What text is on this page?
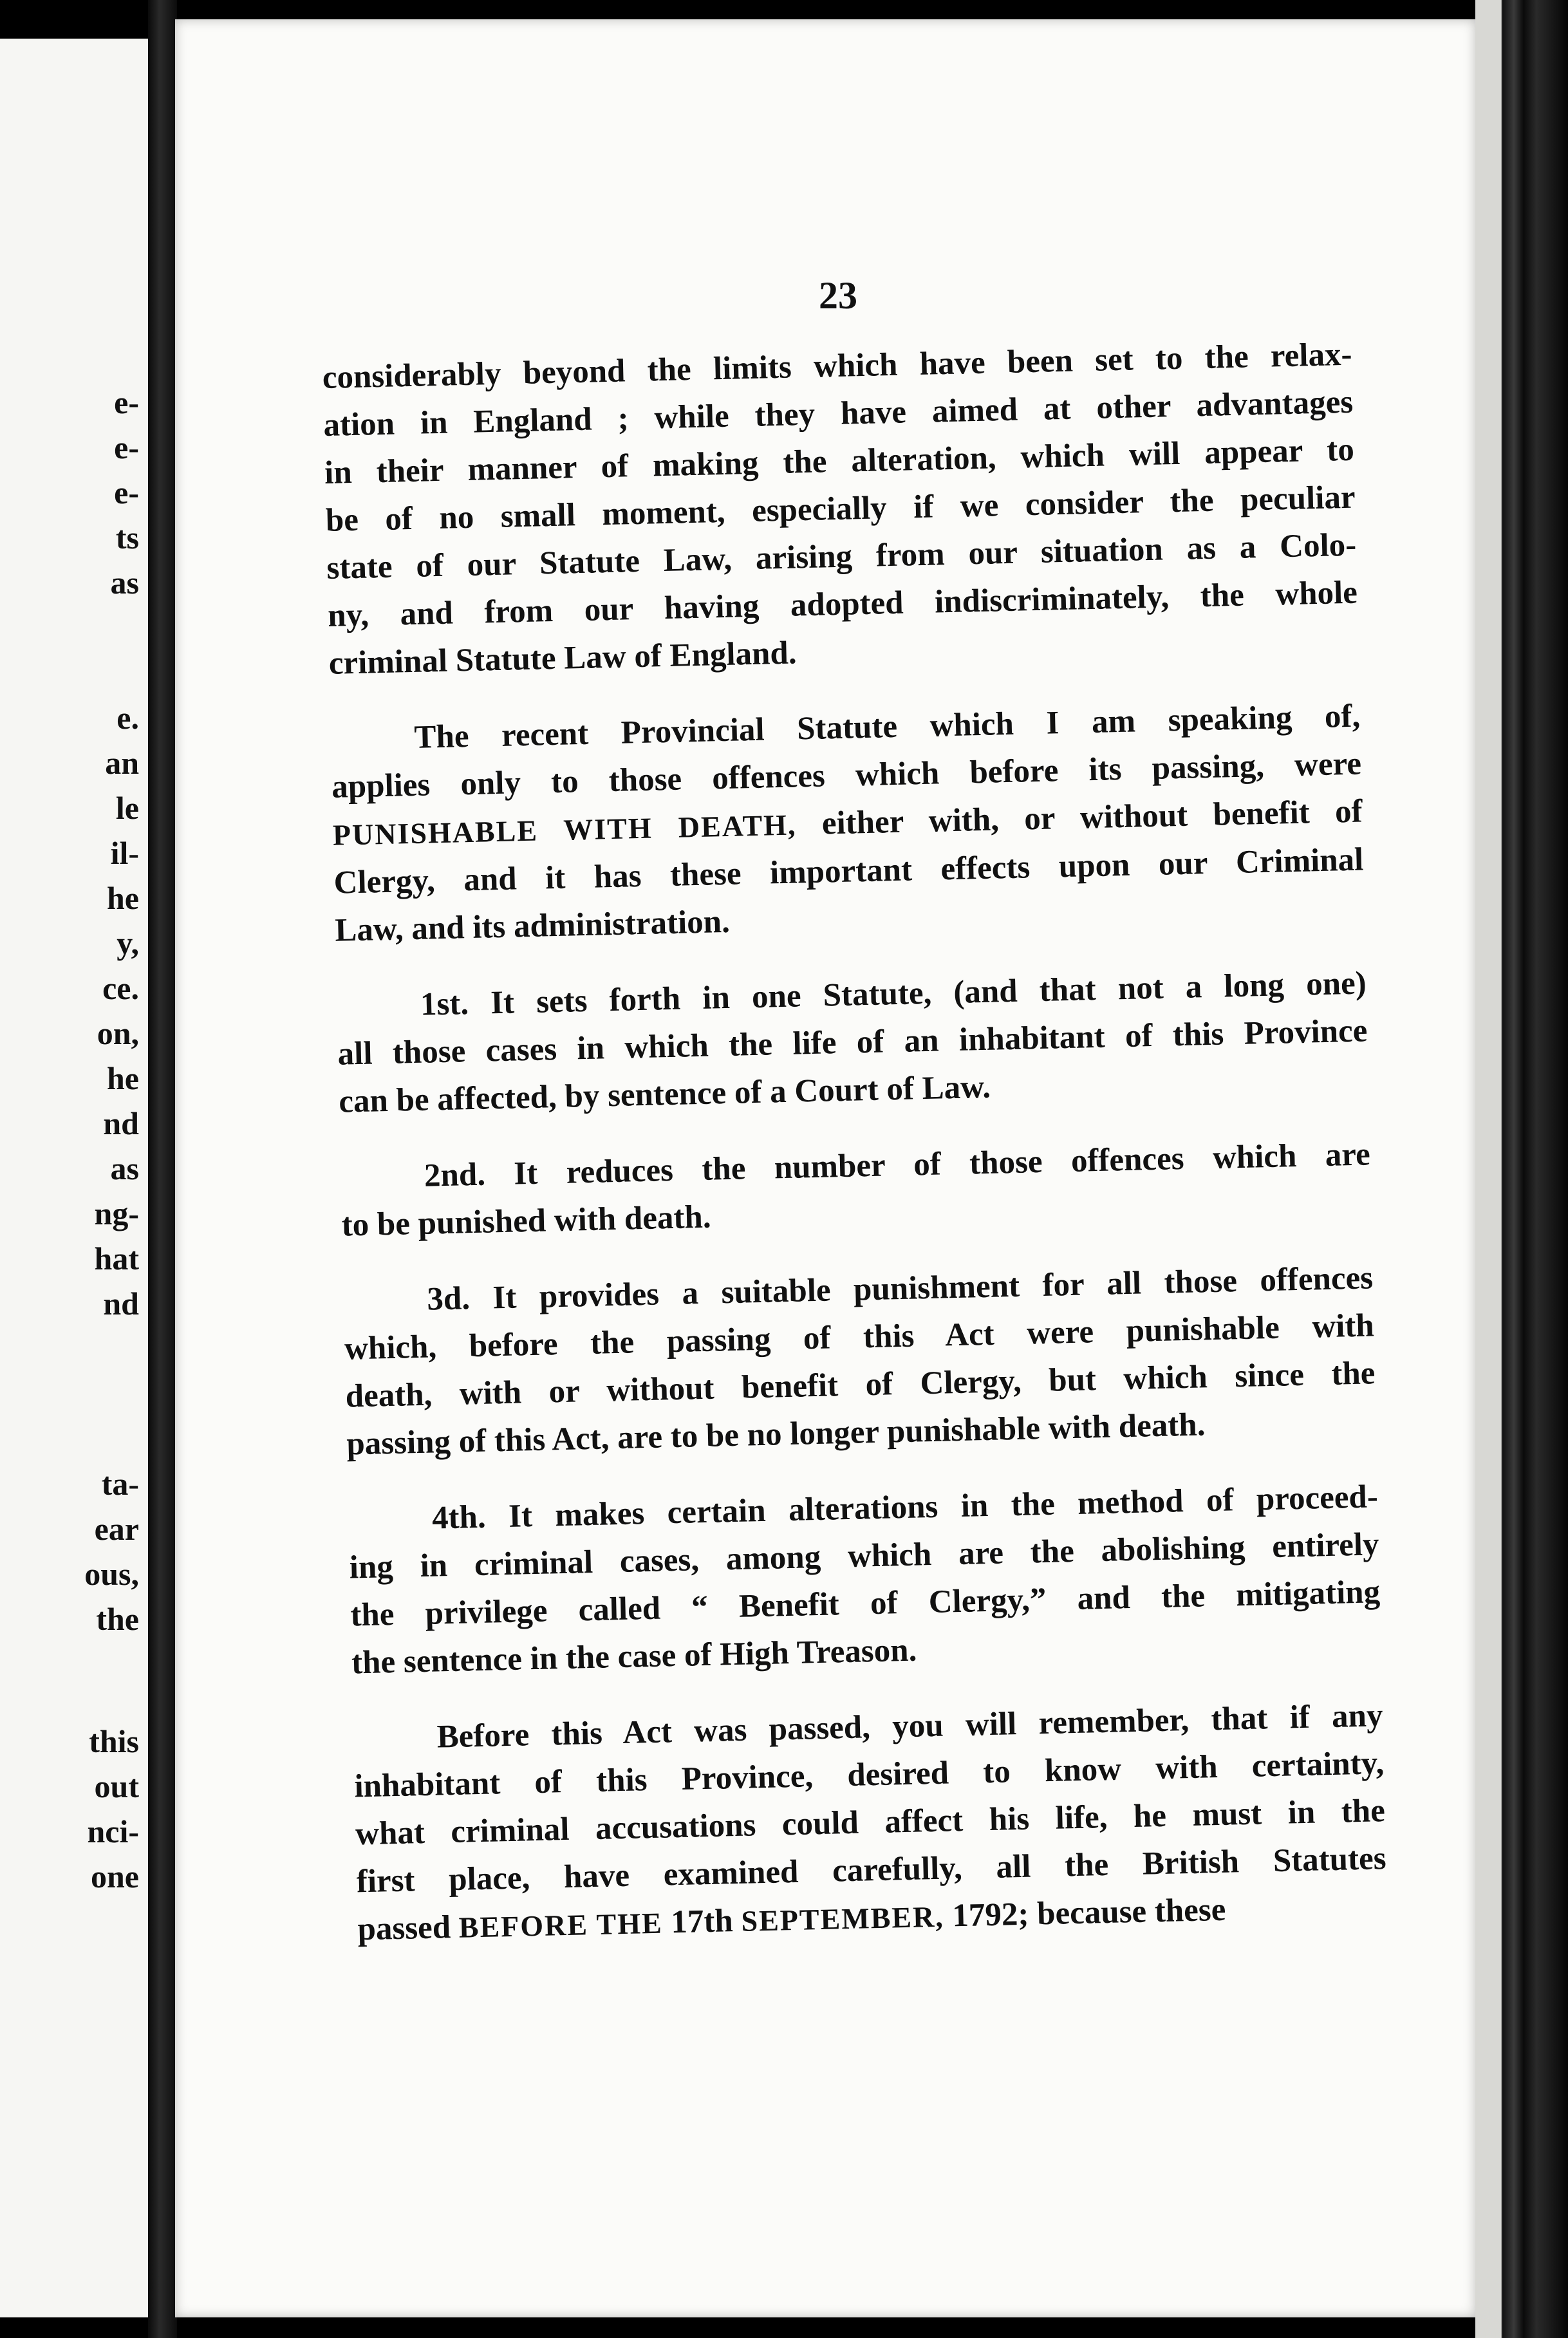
e-
e-
e-
ts
as
e.
an
le
il-
he
y,
ce.
on,
he
nd
as
ng-
hat
nd
ta-
ear
ous,
the
this
out
nci-
one
23
considerably beyond the limits which have been set to the relax-
ation in England ; while they have aimed at other advantages
in their manner of making the alteration, which will appear to
be of no small moment, especially if we consider the peculiar
state of our Statute Law, arising from our situation as a Colo-
ny, and from our having adopted indiscriminately, the whole
criminal Statute Law of England.
The recent Provincial Statute which I am speaking of,
applies only to those offences which before its passing, were
PUNISHABLE WITH DEATH, either with, or without benefit of
Clergy, and it has these important effects upon our Criminal
Law, and its administration.
1st. It sets forth in one Statute, (and that not a long one)
all those cases in which the life of an inhabitant of this Province
can be affected, by sentence of a Court of Law.
2nd. It reduces the number of those offences which are
to be punished with death.
3d. It provides a suitable punishment for all those offences
which, before the passing of this Act were punishable with
death, with or without benefit of Clergy, but which since the
passing of this Act, are to be no longer punishable with death.
4th. It makes certain alterations in the method of proceed-
ing in criminal cases, among which are the abolishing entirely
the privilege called “ Benefit of Clergy,” and the mitigating
the sentence in the case of High Treason.
Before this Act was passed, you will remember, that if any
inhabitant of this Province, desired to know with certainty,
what criminal accusations could affect his life, he must in the
first place, have examined carefully, all the British Statutes
passed BEFORE THE 17th SEPTEMBER, 1792; because these
